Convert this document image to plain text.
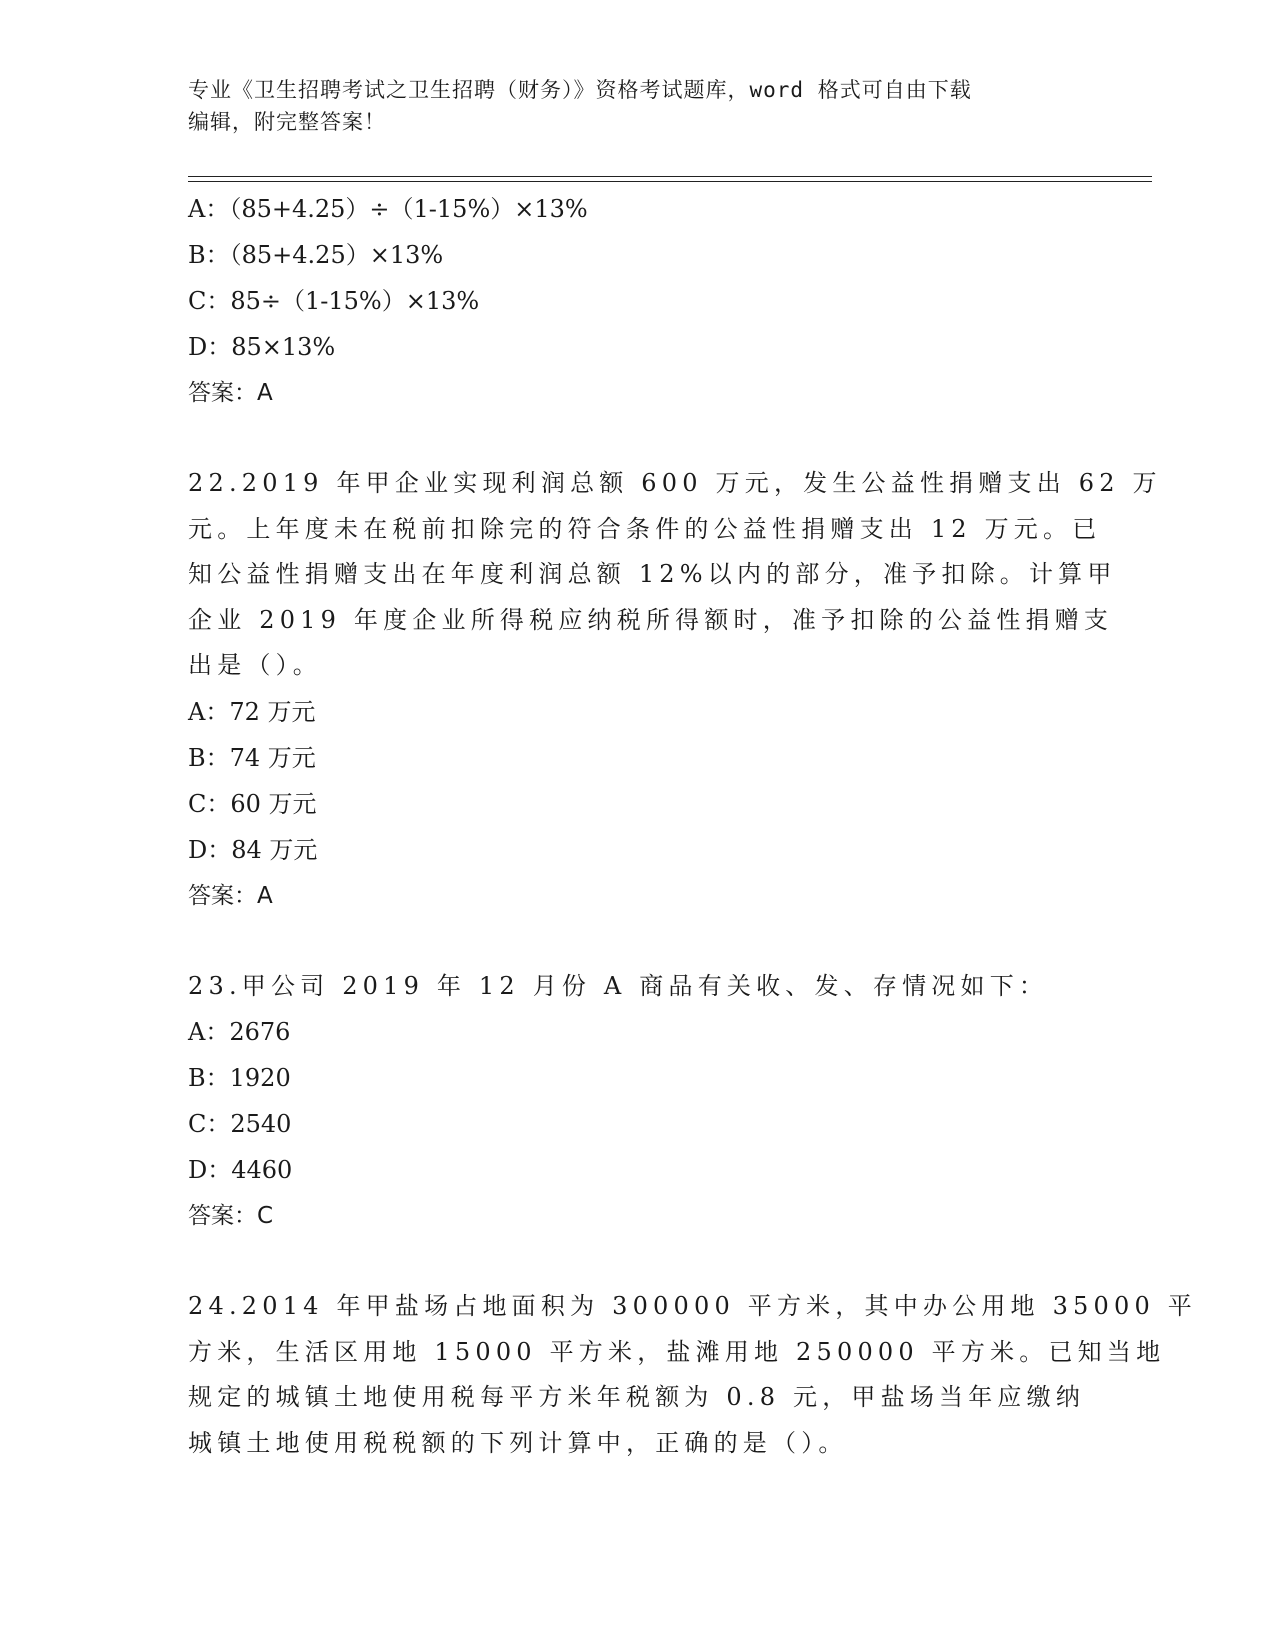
专业《卫生招聘考试之卫生招聘（财务）》资格考试题库，word 格式可自由下载
编辑，附完整答案！
A：（85+4.25）÷（1-15%）×13%
B：（85+4.25）×13%
C：85÷（1-15%）×13%
D：85×13%
答案：A
22.2019 年甲企业实现利润总额 600 万元，发生公益性捐赠支出 62 万
元。上年度未在税前扣除完的符合条件的公益性捐赠支出 12 万元。已
知公益性捐赠支出在年度利润总额 12%以内的部分，准予扣除。计算甲
企业 2019 年度企业所得税应纳税所得额时，准予扣除的公益性捐赠支
出是（）。
A：72 万元
B：74 万元
C：60 万元
D：84 万元
答案：A
23.甲公司 2019 年 12 月份 A 商品有关收、发、存情况如下：
A：2676
B：1920
C：2540
D：4460
答案：C
24.2014 年甲盐场占地面积为 300000 平方米，其中办公用地 35000 平
方米，生活区用地 15000 平方米，盐滩用地 250000 平方米。已知当地
规定的城镇土地使用税每平方米年税额为 0.8 元，甲盐场当年应缴纳
城镇土地使用税税额的下列计算中，正确的是（）。
